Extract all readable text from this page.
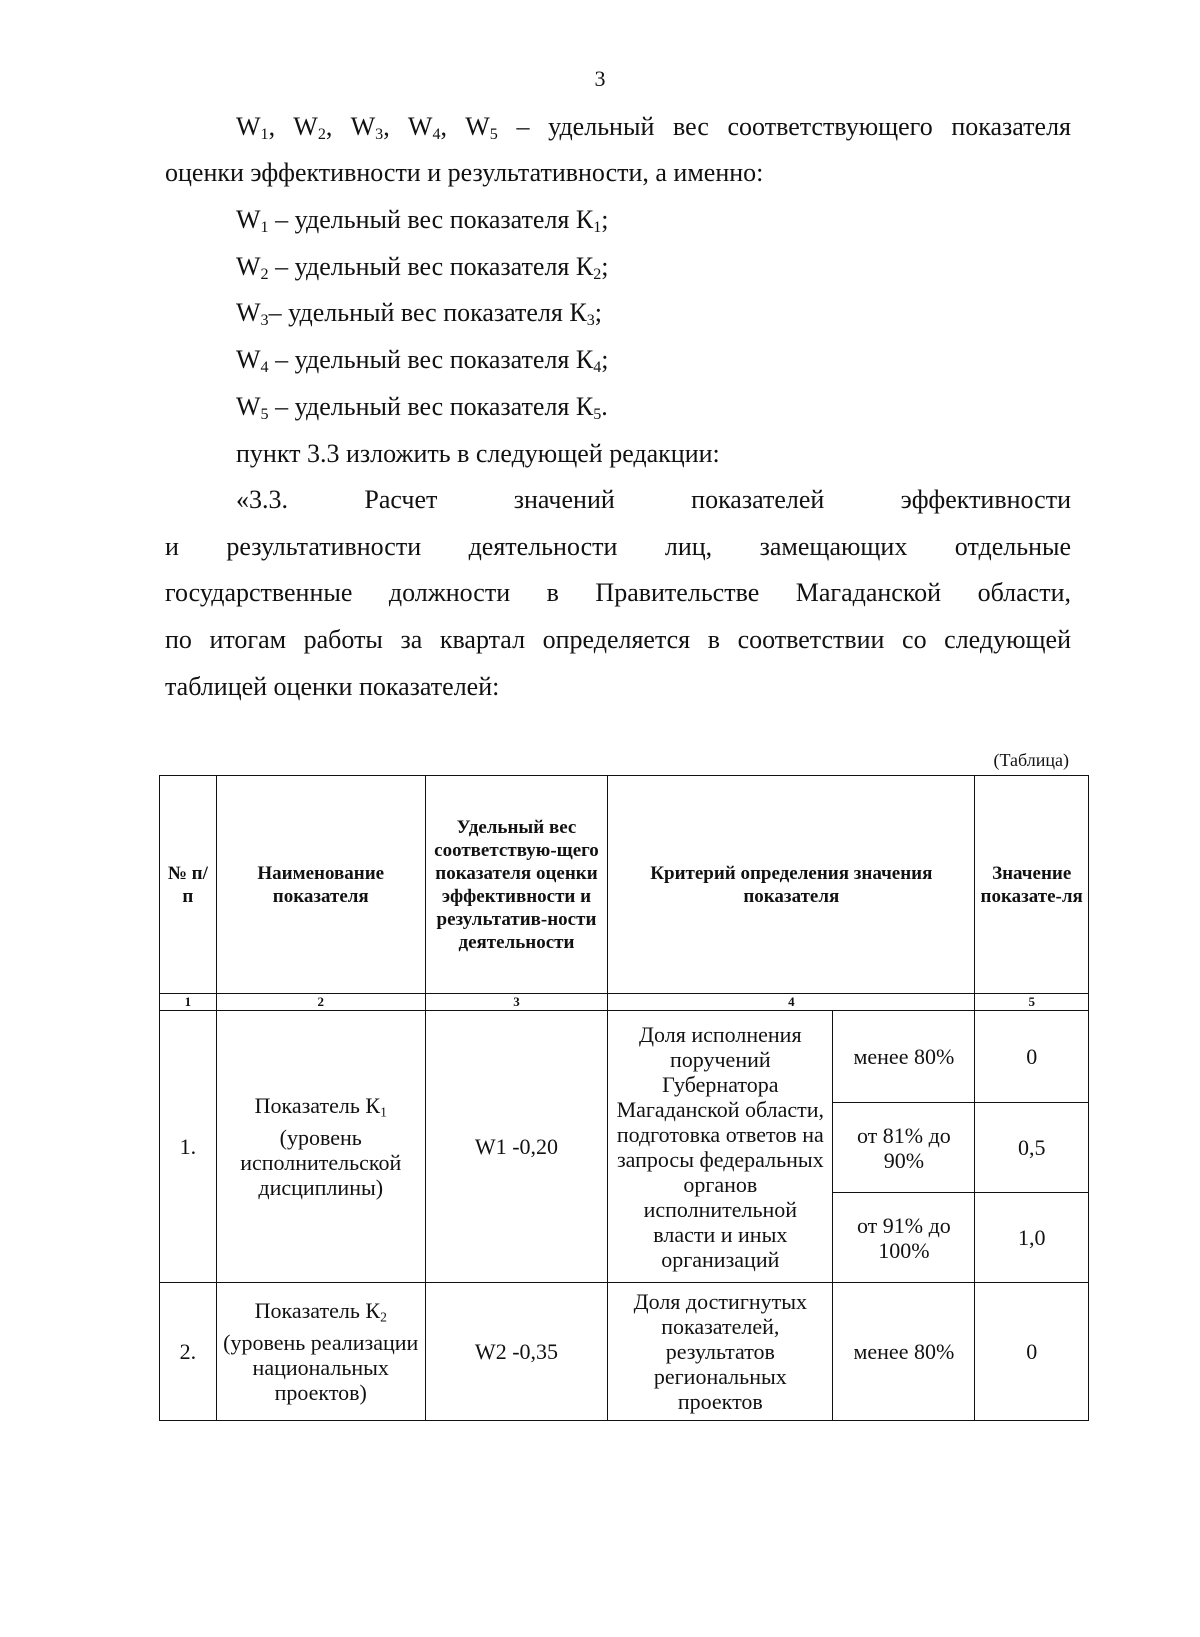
3
$W_1$, $W_2$, $W_3$, $W_4$, $W_5$ – удельный вес соответствующего показателя
оценки эффективности и результативности, а именно:
$W_1$ – удельный вес показателя $К_1$;
$W_2$ – удельный вес показателя $К_2$;
$W_3-$ удельный вес показателя $К_3$;
$W_4$ – удельный вес показателя $К_4$;
$W_5$ – удельный вес показателя $К_5$.
пункт 3.3 изложить в следующей редакции:
«3.3. Расчет значений показателей эффективности
и результативности деятельности лиц, замещающих отдельные
государственные должности в Правительстве Магаданской области,
по итогам работы за квартал определяется в соответствии со следующей
таблицей оценки показателей:
(Таблица)
№ п/п	Наименование показателя	Удельный вес соответствую-щего показателя оценки эффективности и результатив-ности деятельности	Критерий определения значения показателя		Значение показате-ля
1	2	3	4		5
1.	Показатель $К_1$ (уровень исполнительской дисциплины)	W1 -0,20	Доля исполнения поручений Губернатора Магаданской области, подготовка ответов на запросы федеральных органов исполнительной власти и иных организаций	менее 80%	0
				от 81% до 90%	0,5
				от 91% до 100%	1,0
2.	Показатель $К_2$ (уровень реализации национальных проектов)	W2 -0,35	Доля достигнутых показателей, результатов региональных проектов	менее 80%	0
